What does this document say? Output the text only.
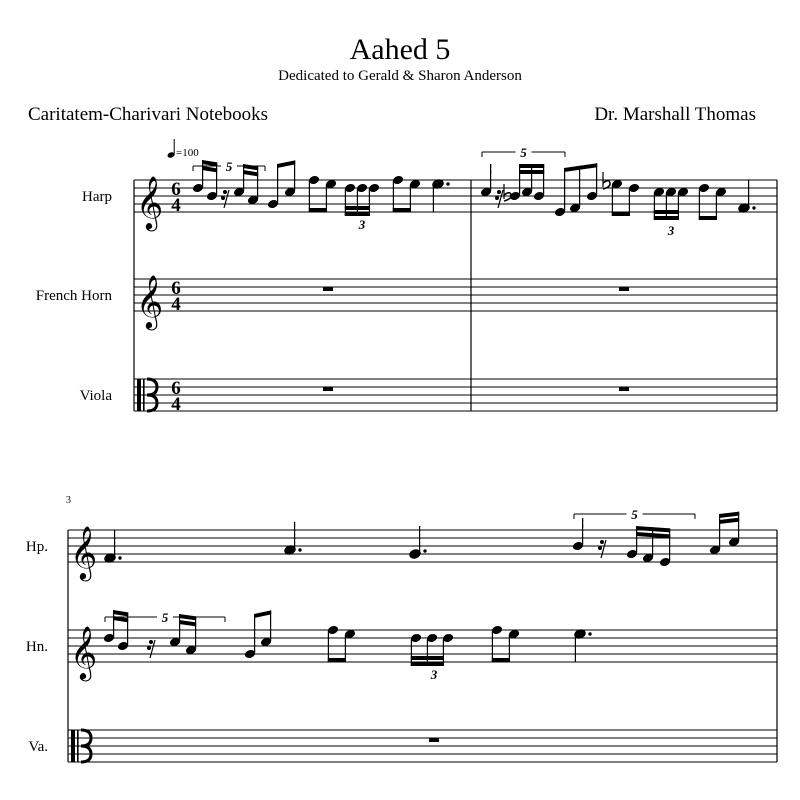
Aahed 5
Dedicated to Gerald & Sharon Anderson
Caritatem-Charivari Notebooks	Dr. Marshall Thomas
Harp
French Horn
Viola
𝄞
𝄞
6
4
6
4
6
4
=100
5
3
5
3
3
Hp.
Hn.
Va.
𝄞
𝄞
5
5
3
